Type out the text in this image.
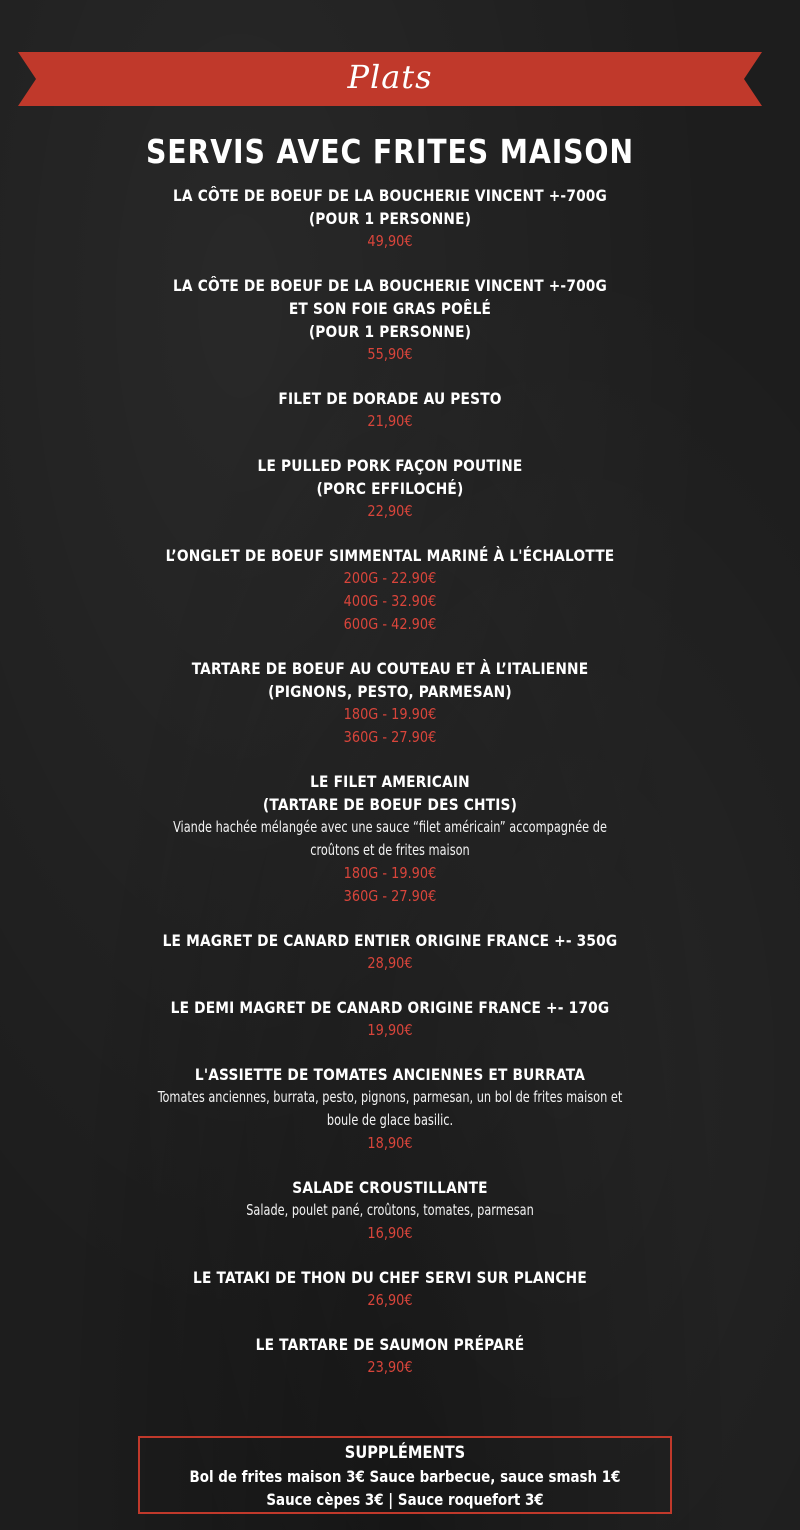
Plats
SERVIS AVEC FRITES MAISON
LA CÔTE DE BOEUF DE LA BOUCHERIE VINCENT +-700G
(POUR 1 PERSONNE)
49,90€
LA CÔTE DE BOEUF DE LA BOUCHERIE VINCENT +-700G
ET SON FOIE GRAS POÊLÉ
(POUR 1 PERSONNE)
55,90€
FILET DE DORADE AU PESTO
21,90€
LE PULLED PORK FAÇON POUTINE
(PORC EFFILOCHÉ)
22,90€
L’ONGLET DE BOEUF SIMMENTAL MARINÉ À L'ÉCHALOTTE
200G - 22.90€
400G - 32.90€
600G - 42.90€
TARTARE DE BOEUF AU COUTEAU ET À L’ITALIENNE
(PIGNONS, PESTO, PARMESAN)
180G - 19.90€
360G - 27.90€
LE FILET AMERICAIN
(TARTARE DE BOEUF DES CHTIS)
Viande hachée mélangée avec une sauce “filet américain” accompagnée de
croûtons et de frites maison
180G - 19.90€
360G - 27.90€
LE MAGRET DE CANARD ENTIER ORIGINE FRANCE +- 350G
28,90€
LE DEMI MAGRET DE CANARD ORIGINE FRANCE +- 170G
19,90€
L'ASSIETTE DE TOMATES ANCIENNES ET BURRATA
Tomates anciennes, burrata, pesto, pignons, parmesan, un bol de frites maison et
boule de glace basilic.
18,90€
SALADE CROUSTILLANTE
Salade, poulet pané, croûtons, tomates, parmesan
16,90€
LE TATAKI DE THON DU CHEF SERVI SUR PLANCHE
26,90€
LE TARTARE DE SAUMON PRÉPARÉ
23,90€
SUPPLÉMENTS
Bol de frites maison 3€ Sauce barbecue, sauce smash 1€
Sauce cèpes 3€ | Sauce roquefort 3€
